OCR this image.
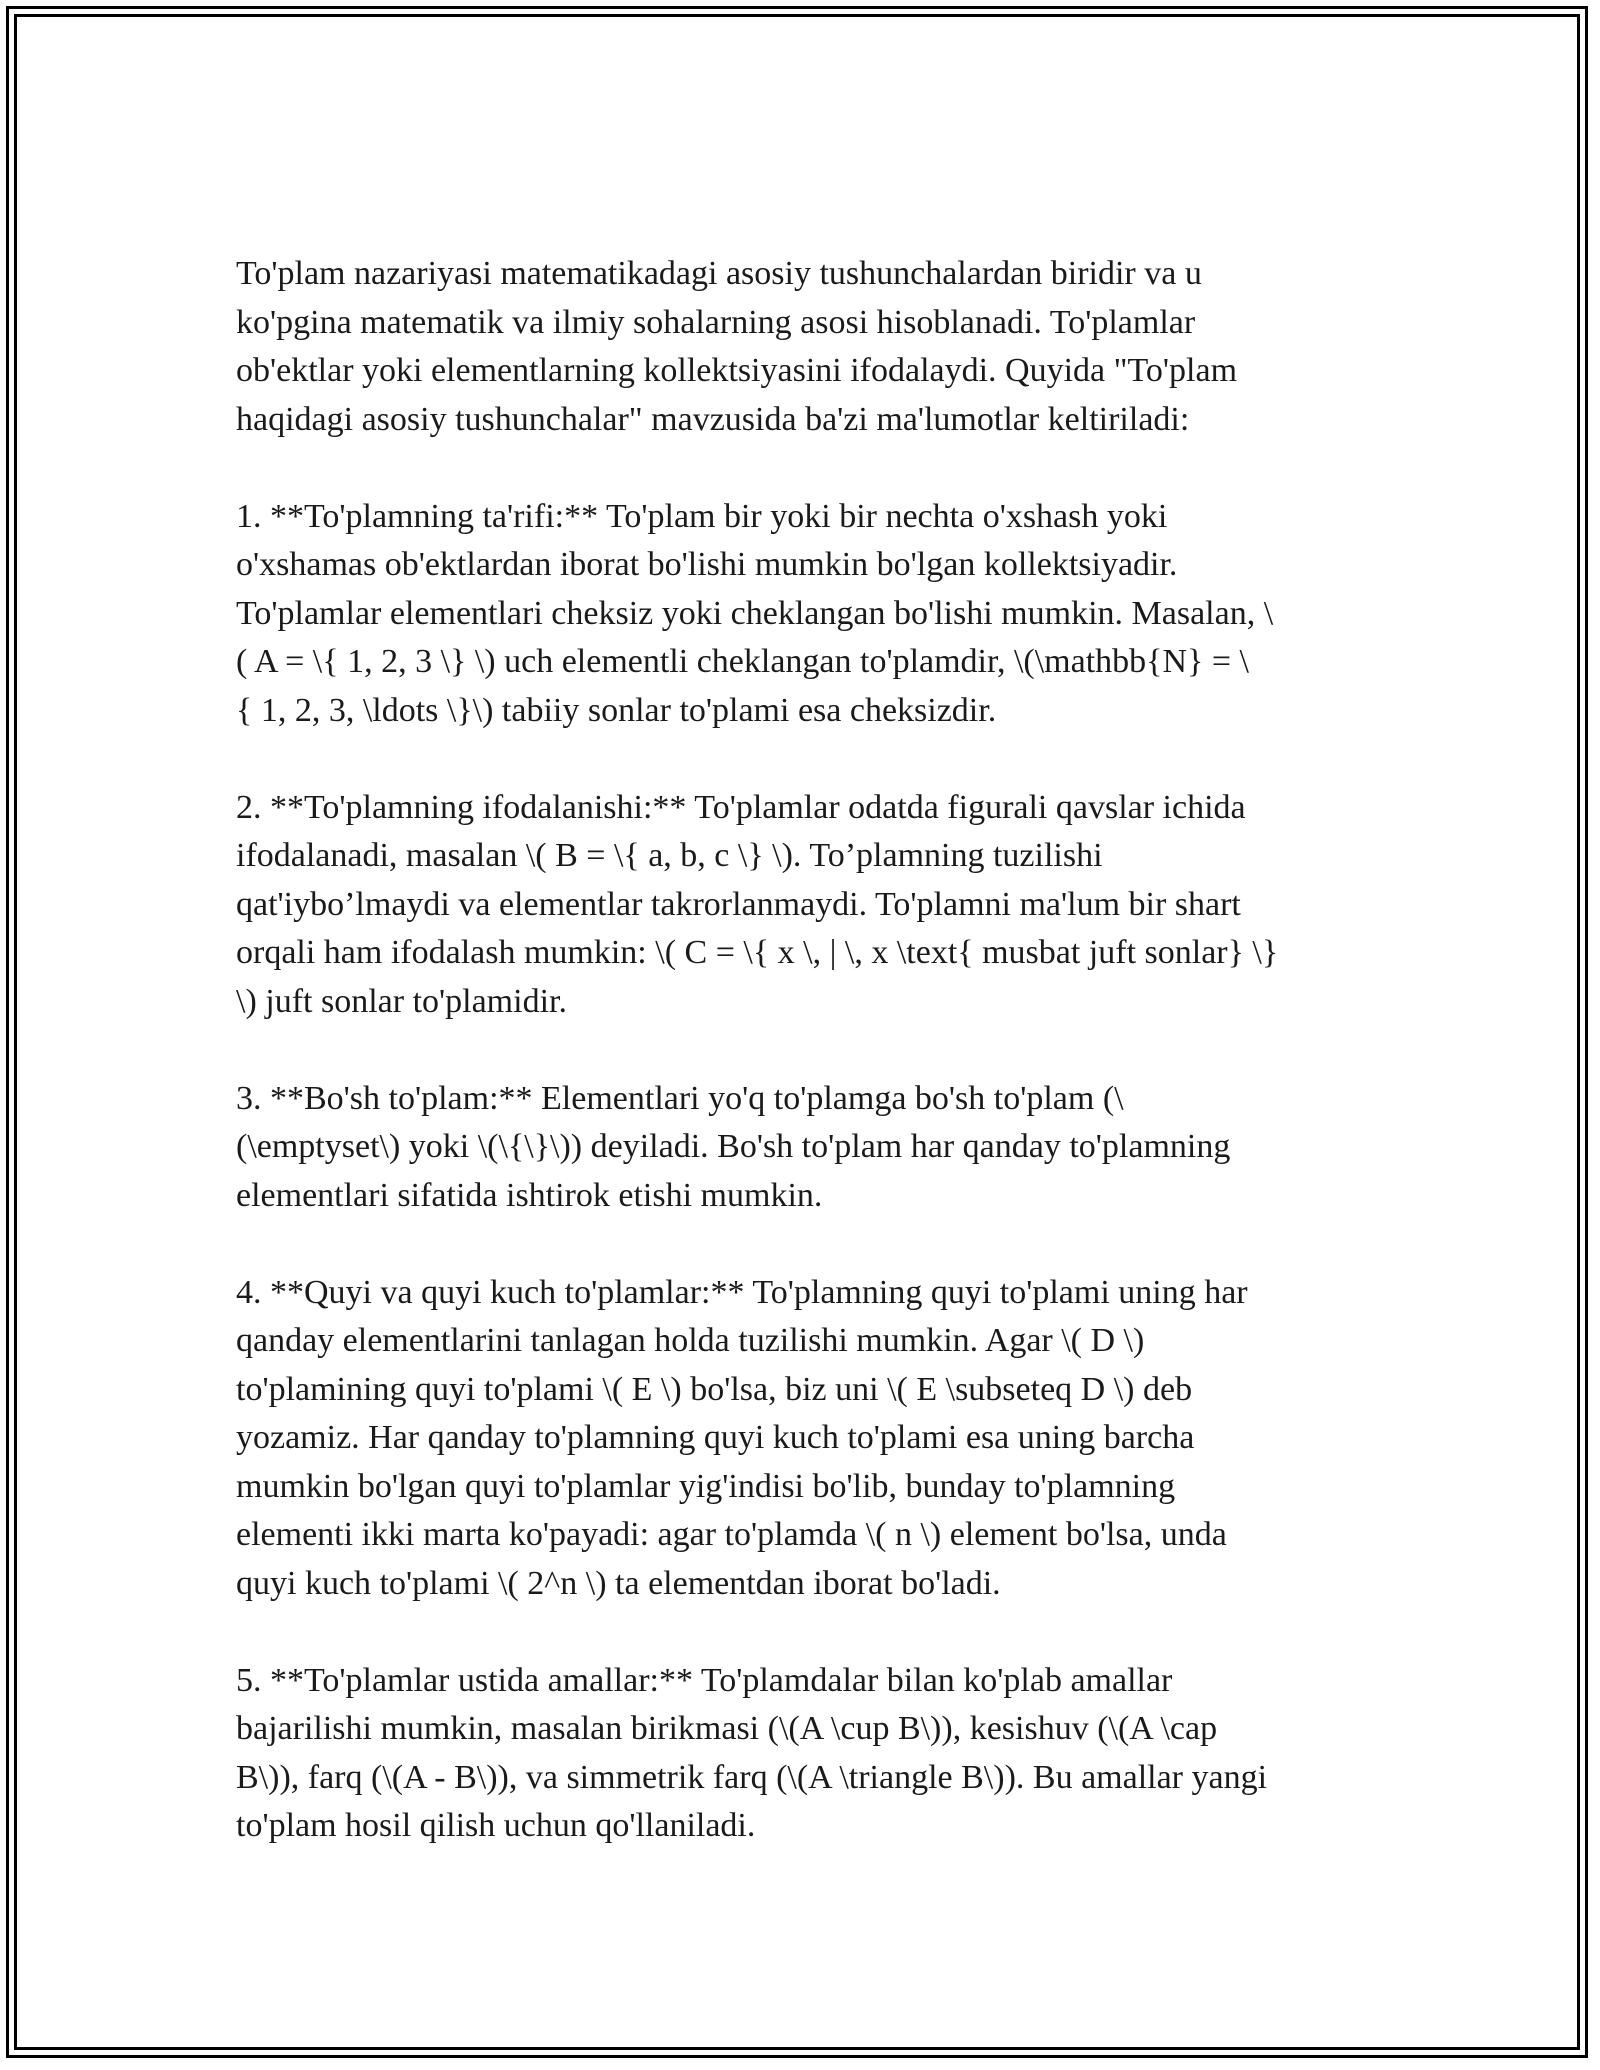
To'plam nazariyasi matematikadagi asosiy tushunchalardan biridir va u
ko'pgina matematik va ilmiy sohalarning asosi hisoblanadi. To'plamlar
ob'ektlar yoki elementlarning kollektsiyasini ifodalaydi. Quyida "To'plam
haqidagi asosiy tushunchalar" mavzusida ba'zi ma'lumotlar keltiriladi:

1. **To'plamning ta'rifi:** To'plam bir yoki bir nechta o'xshash yoki
o'xshamas ob'ektlardan iborat bo'lishi mumkin bo'lgan kollektsiyadir.
To'plamlar elementlari cheksiz yoki cheklangan bo'lishi mumkin. Masalan, \
( A = \{ 1, 2, 3 \} \) uch elementli cheklangan to'plamdir, \(\mathbb{N} = \
{ 1, 2, 3, \ldots \}\) tabiiy sonlar to'plami esa cheksizdir.

2. **To'plamning ifodalanishi:** To'plamlar odatda figurali qavslar ichida
ifodalanadi, masalan \( B = \{ a, b, c \} \). To’plamning tuzilishi
qat'iybo’lmaydi va elementlar takrorlanmaydi. To'plamni ma'lum bir shart
orqali ham ifodalash mumkin: \( C = \{ x \, | \, x \text{ musbat juft sonlar} \}
\) juft sonlar to'plamidir.

3. **Bo'sh to'plam:** Elementlari yo'q to'plamga bo'sh to'plam (\
(\emptyset\) yoki \(\{\}\)) deyiladi. Bo'sh to'plam har qanday to'plamning
elementlari sifatida ishtirok etishi mumkin.

4. **Quyi va quyi kuch to'plamlar:** To'plamning quyi to'plami uning har
qanday elementlarini tanlagan holda tuzilishi mumkin. Agar \( D \)
to'plamining quyi to'plami \( E \) bo'lsa, biz uni \( E \subseteq D \) deb
yozamiz. Har qanday to'plamning quyi kuch to'plami esa uning barcha
mumkin bo'lgan quyi to'plamlar yig'indisi bo'lib, bunday to'plamning
elementi ikki marta ko'payadi: agar to'plamda \( n \) element bo'lsa, unda
quyi kuch to'plami \( 2^n \) ta elementdan iborat bo'ladi.

5. **To'plamlar ustida amallar:** To'plamdalar bilan ko'plab amallar
bajarilishi mumkin, masalan birikmasi (\(A \cup B\)), kesishuv (\(A \cap
B\)), farq (\(A - B\)), va simmetrik farq (\(A \triangle B\)). Bu amallar yangi
to'plam hosil qilish uchun qo'llaniladi.
